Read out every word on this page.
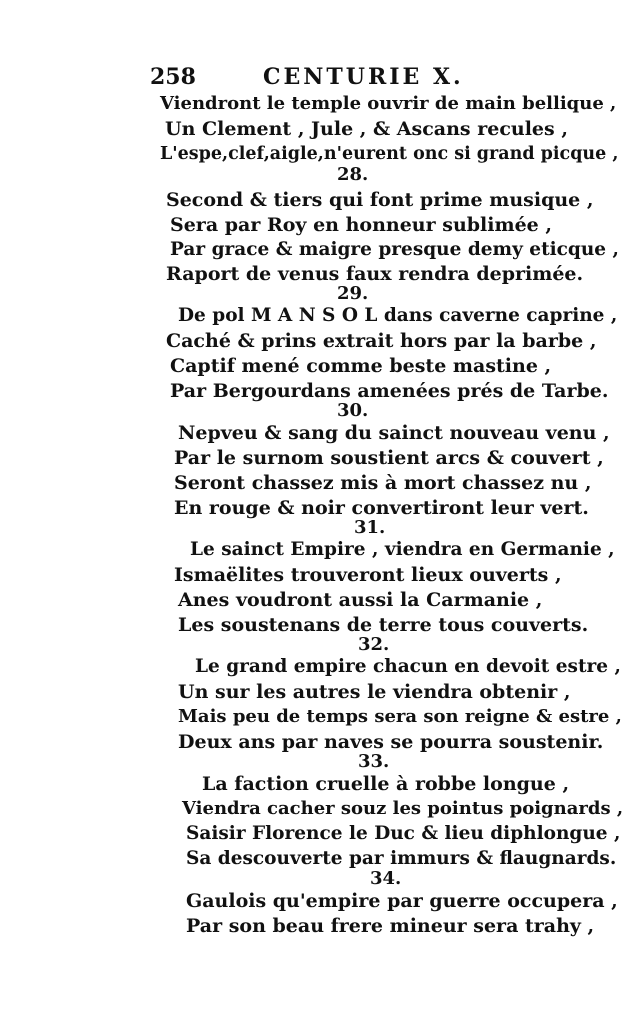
258	CENTURIE X.
Viendront le temple ouvrir de main bellique ,
Un Clement , Jule , & Ascans recules ,
L'espe,clef,aigle,n'eurent onc si grand picque ,
28.
Second & tiers qui font prime musique ,
Sera par Roy en honneur sublimée ,
Par grace & maigre presque demy eticque ,
Raport de venus faux rendra deprimée.
29.
De pol M A N S O L dans caverne caprine ,
Caché & prins extrait hors par la barbe ,
Captif mené comme beste mastine ,
Par Bergourdans amenées prés de Tarbe.
30.
Nepveu & sang du sainct nouveau venu ,
Par le surnom soustient arcs & couvert ,
Seront chassez mis à mort chassez nu ,
En rouge & noir convertiront leur vert.
31.
Le sainct Empire , viendra en Germanie ,
Ismaëlites trouveront lieux ouverts ,
Anes voudront aussi la Carmanie ,
Les soustenans de terre tous couverts.
32.
Le grand empire chacun en devoit estre ,
Un sur les autres le viendra obtenir ,
Mais peu de temps sera son reigne & estre ,
Deux ans par naves se pourra soustenir.
33.
La faction cruelle à robbe longue ,
Viendra cacher souz les pointus poignards ,
Saisir Florence le Duc & lieu diphlongue ,
Sa descouverte par immurs & flaugnards.
34.
Gaulois qu'empire par guerre occupera ,
Par son beau frere mineur sera trahy ,
